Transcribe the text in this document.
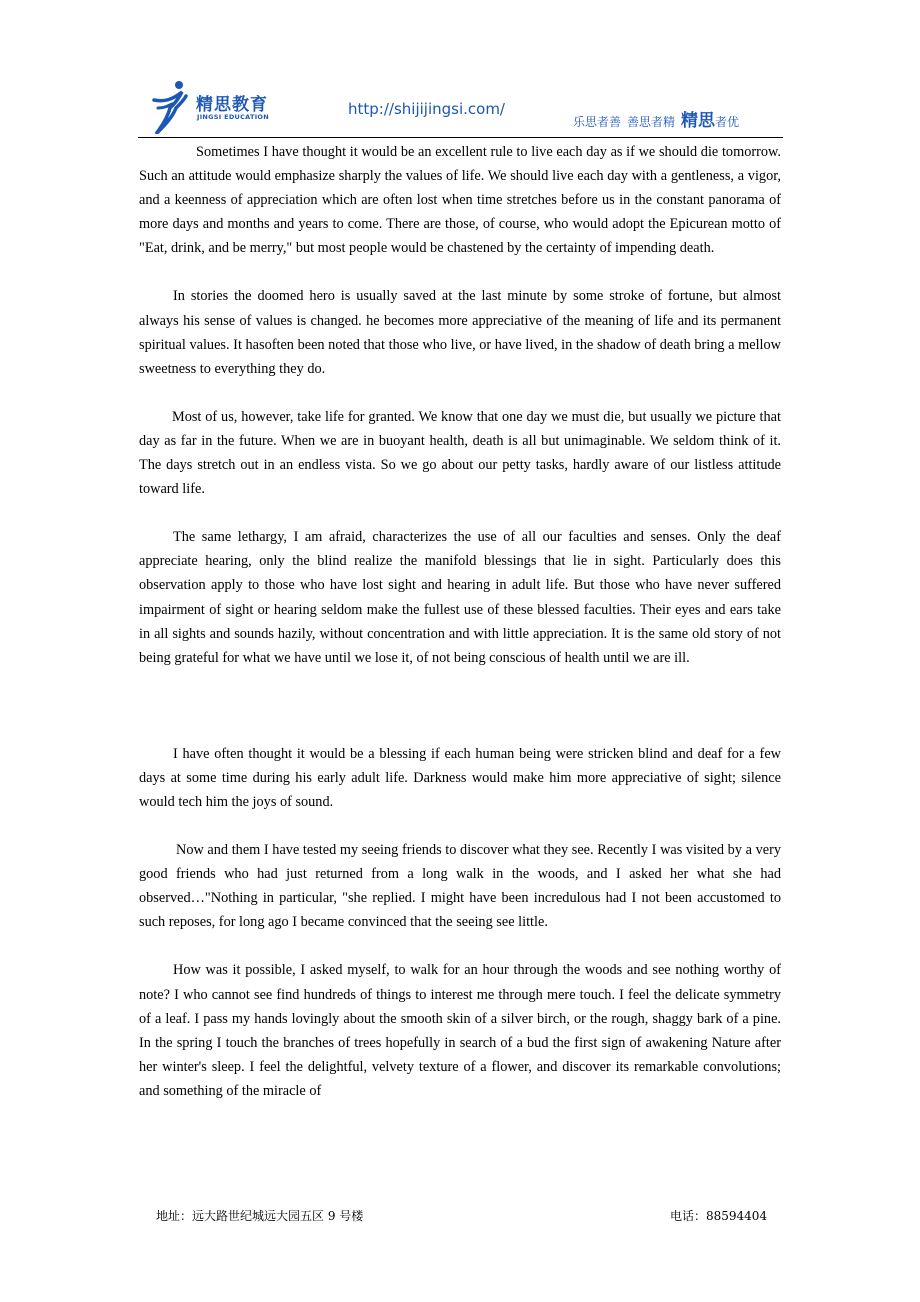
精思教育
JINGSI EDUCATION	http://shijijingsi.com/
乐思者善 善思者精 精思者优

Sometimes I have thought it would be an excellent rule to live each day as if we should die tomorrow. Such an attitude would emphasize sharply the values of life. We should live each day with a gentleness, a vigor, and a keenness of appreciation which are often lost when time stretches before us in the constant panorama of more days and months and years to come. There are those, of course, who would adopt the Epicurean motto of "Eat, drink, and be merry," but most people would be chastened by the certainty of impending death.

In stories the doomed hero is usually saved at the last minute by some stroke of fortune, but almost always his sense of values is changed. he becomes more appreciative of the meaning of life and its permanent spiritual values. It hasoften been noted that those who live, or have lived, in the shadow of death bring a mellow sweetness to everything they do.

Most of us, however, take life for granted. We know that one day we must die, but usually we picture that day as far in the future. When we are in buoyant health, death is all but unimaginable. We seldom think of it. The days stretch out in an endless vista. So we go about our petty tasks, hardly aware of our listless attitude toward life.

The same lethargy, I am afraid, characterizes the use of all our faculties and senses. Only the deaf appreciate hearing, only the blind realize the manifold blessings that lie in sight. Particularly does this observation apply to those who have lost sight and hearing in adult life. But those who have never suffered impairment of sight or hearing seldom make the fullest use of these blessed faculties. Their eyes and ears take in all sights and sounds hazily, without concentration and with little appreciation. It is the same old story of not being grateful for what we have until we lose it, of not being conscious of health until we are ill.

I have often thought it would be a blessing if each human being were stricken blind and deaf for a few days at some time during his early adult life. Darkness would make him more appreciative of sight; silence would tech him the joys of sound.

Now and them I have tested my seeing friends to discover what they see. Recently I was visited by a very good friends who had just returned from a long walk in the woods, and I asked her what she had observed…"Nothing in particular, "she replied. I might have been incredulous had I not been accustomed to such reposes, for long ago I became convinced that the seeing see little.

How was it possible, I asked myself, to walk for an hour through the woods and see nothing worthy of note? I who cannot see find hundreds of things to interest me through mere touch. I feel the delicate symmetry of a leaf. I pass my hands lovingly about the smooth skin of a silver birch, or the rough, shaggy bark of a pine. In the spring I touch the branches of trees hopefully in search of a bud the first sign of awakening Nature after her winter's sleep. I feel the delightful, velvety texture of a flower, and discover its remarkable convolutions; and something of the miracle of

地址：远大路世纪城远大园五区 9 号楼	电话：88594404
